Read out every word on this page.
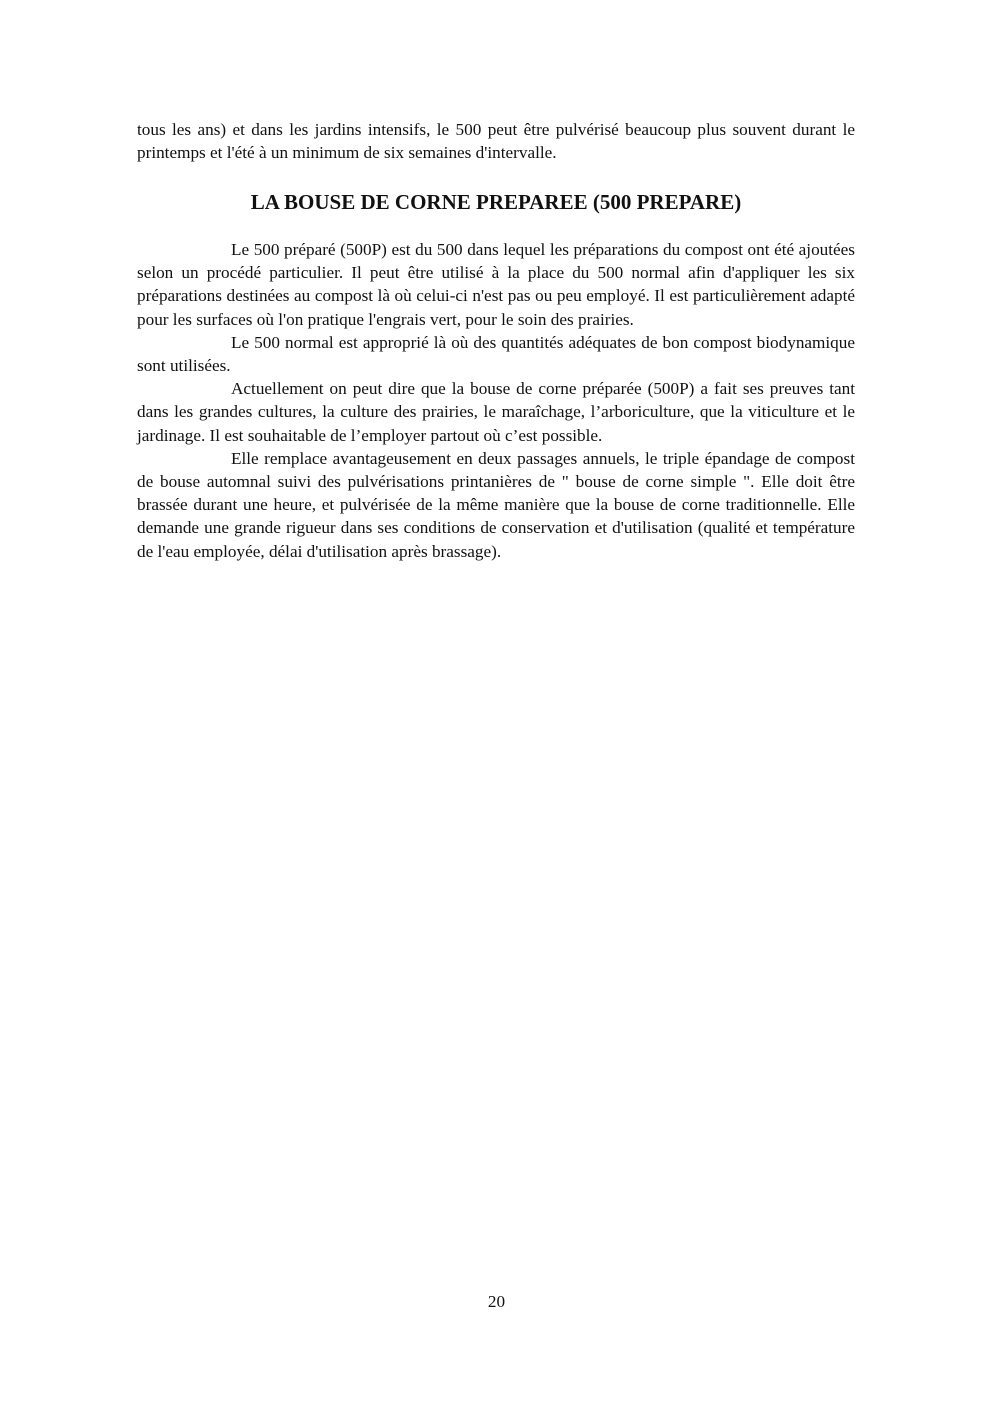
tous les ans) et dans les jardins intensifs, le 500 peut être pulvérisé beaucoup plus souvent durant le printemps et l'été à un minimum de six semaines d'intervalle.

LA BOUSE DE CORNE PREPAREE (500 PREPARE)

Le 500 préparé (500P) est du 500 dans lequel les préparations du compost ont été ajoutées selon un procédé particulier. Il peut être utilisé à la place du 500 normal afin d'appliquer les six préparations destinées au compost là où celui-ci n'est pas ou peu employé. Il est particulièrement adapté pour les surfaces où l'on pratique l'engrais vert, pour le soin des prairies.

Le 500 normal est approprié là où des quantités adéquates de bon compost biodynamique sont utilisées.

Actuellement on peut dire que la bouse de corne préparée (500P) a fait ses preuves tant dans les grandes cultures, la culture des prairies, le maraîchage, l’arboriculture, que la viticulture et le jardinage. Il est souhaitable de l’employer partout où c’est possible.

Elle remplace avantageusement en deux passages annuels, le triple épandage de compost de bouse automnal suivi des pulvérisations printanières de " bouse de corne simple ". Elle doit être brassée durant une heure, et pulvérisée de la même manière que la bouse de corne traditionnelle. Elle demande une grande rigueur dans ses conditions de conservation et d'utilisation (qualité et température de l'eau employée, délai d'utilisation après brassage).

20
